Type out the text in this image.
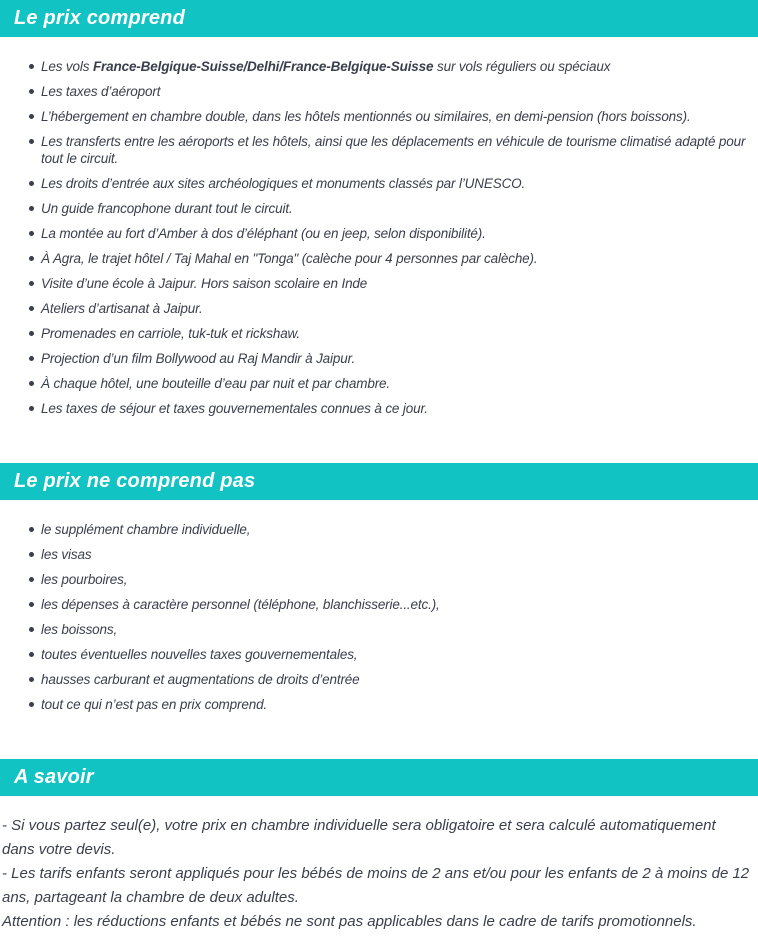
Le prix comprend
Les vols France-Belgique-Suisse/Delhi/France-Belgique-Suisse sur vols réguliers ou spéciaux
Les taxes d’aéroport
L’hébergement en chambre double, dans les hôtels mentionnés ou similaires, en demi-pension (hors boissons).
Les transferts entre les aéroports et les hôtels, ainsi que les déplacements en véhicule de tourisme climatisé adapté pour tout le circuit.
Les droits d’entrée aux sites archéologiques et monuments classés par l’UNESCO.
Un guide francophone durant tout le circuit.
La montée au fort d’Amber à dos d’éléphant (ou en jeep, selon disponibilité).
À Agra, le trajet hôtel / Taj Mahal en "Tonga" (calèche pour 4 personnes par calèche).
Visite d’une école à Jaipur. Hors saison scolaire en Inde
Ateliers d’artisanat à Jaipur.
Promenades en carriole, tuk-tuk et rickshaw.
Projection d’un film Bollywood au Raj Mandir à Jaipur.
À chaque hôtel, une bouteille d’eau par nuit et par chambre.
Les taxes de séjour et taxes gouvernementales connues à ce jour.
Le prix ne comprend pas
le supplément chambre individuelle,
les visas
les pourboires,
les dépenses à caractère personnel (téléphone, blanchisserie...etc.),
les boissons,
toutes éventuelles nouvelles taxes gouvernementales,
hausses carburant et augmentations de droits d’entrée
tout ce qui n’est pas en prix comprend.
A savoir

- Si vous partez seul(e), votre prix en chambre individuelle sera obligatoire et sera calculé automatiquement dans votre devis.

- Les tarifs enfants seront appliqués pour les bébés de moins de 2 ans et/ou pour les enfants de 2 à moins de 12 ans, partageant la chambre de deux adultes.

Attention : les réductions enfants et bébés ne sont pas applicables dans le cadre de tarifs promotionnels.
